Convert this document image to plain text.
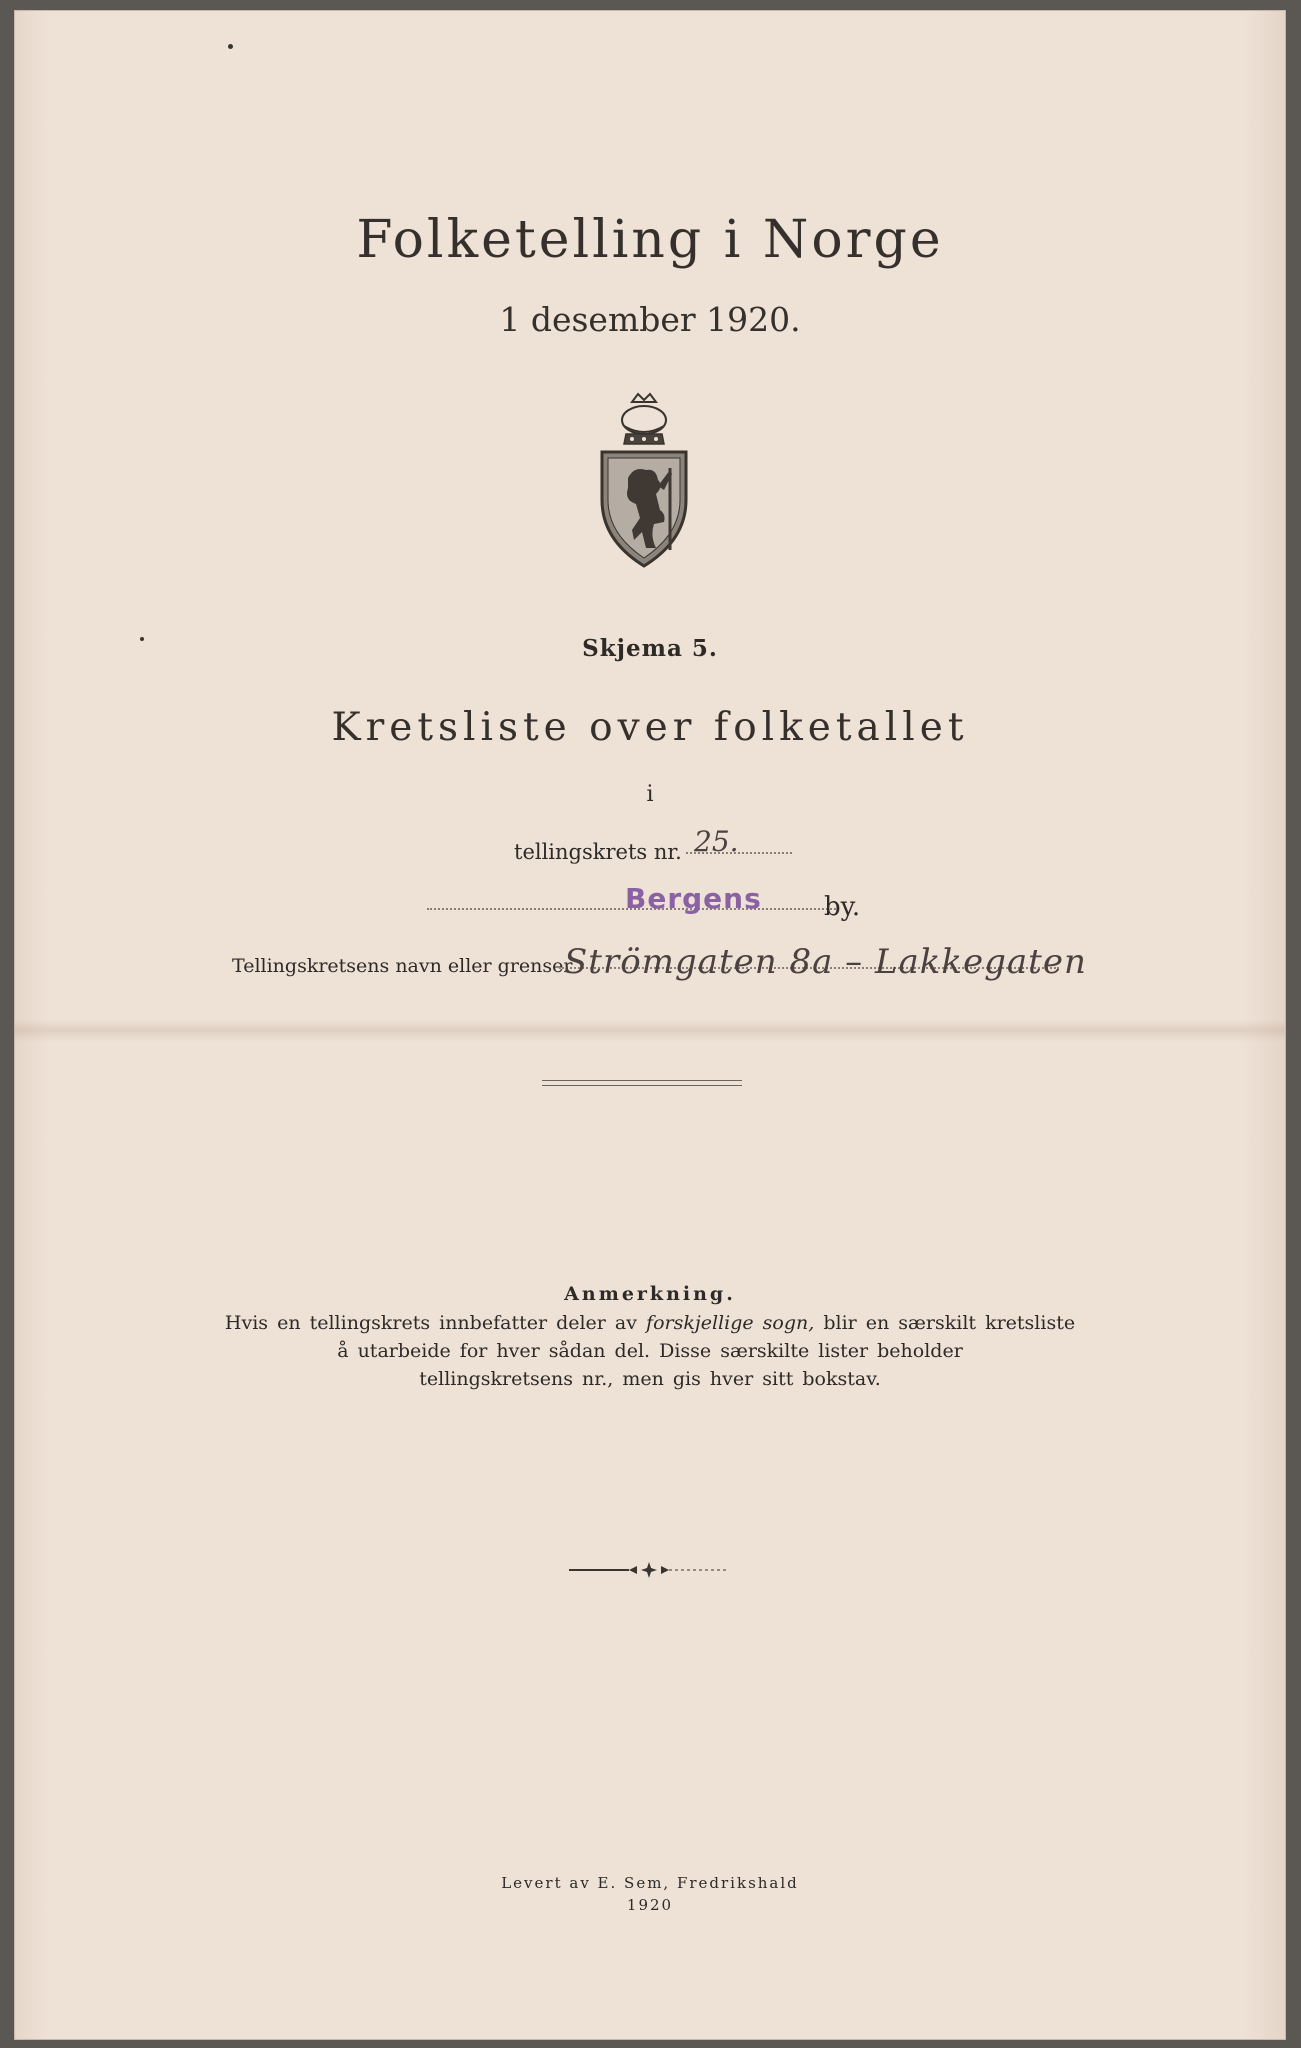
Folketelling i Norge
1 desember 1920.
Skjema 5.
Kretsliste over folketallet
i
tellingskrets nr. 25.
Bergens by.
Tellingskretsens navn eller grenser
Strömgaten 8a – Lakkegaten
Anmerkning.
Hvis en tellingskrets innbefatter deler av forskjellige sogn, blir en særskilt kretsliste
å utarbeide for hver sådan del. Disse særskilte lister beholder
tellingskretsens nr., men gis hver sitt bokstav.
Levert av E. Sem, Fredrikshald
1920
